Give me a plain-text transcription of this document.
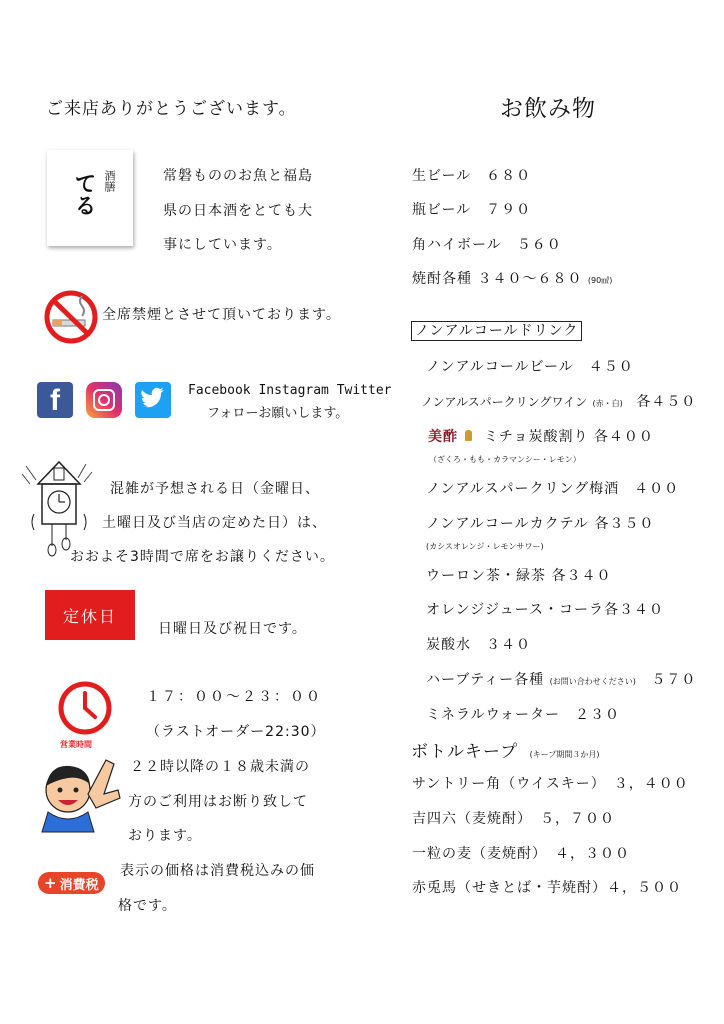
ご来店ありがとうございます。
酒膳
てる	常磐もののお魚と福島
県の日本酒をとても大
事にしています。
全席禁煙とさせて頂いております。
f	Facebook Instagram Twitter
フォローお願いします。
混雑が予想される日（金曜日、
土曜日及び当店の定めた日）は、
おおよそ3時間で席をお譲りください。
定休日
日曜日及び祝日です。
営業時間
１７：００～２３：００
（ラストオーダー22:30）
２２時以降の１８歳未満の
方のご利用はお断り致して
おります。
+ 消費税
表示の価格は消費税込みの価
格です。
お飲み物
生ビール　６８０
瓶ビール　７９０
角ハイボール　５６０
焼酎各種 ３４０～６８０ (90㎖)
ノンアルコールドリンク
ノンアルコールビール　４５０
ノンアルスパークリングワイン (赤・白) 各４５０
美酢 ミチョ炭酸割り 各４００
（ざくろ・もも・カラマンシー・レモン）
ノンアルスパークリング梅酒　４００
ノンアルコールカクテル 各３５０
(カシスオレンジ・レモンサワー)
ウーロン茶・緑茶 各３４０
オレンジジュース・コーラ各３４０
炭酸水　３４０
ハーブティー各種 (お問い合わせください) ５７０
ミネラルウォーター　２３０
ボトルキープ (キープ期間３か月)
サントリー角（ウイスキー）　３，４００
吉四六（麦焼酎）　５，７００
一粒の麦（麦焼酎）　４，３００
赤兎馬（せきとば・芋焼酎）４，５００
